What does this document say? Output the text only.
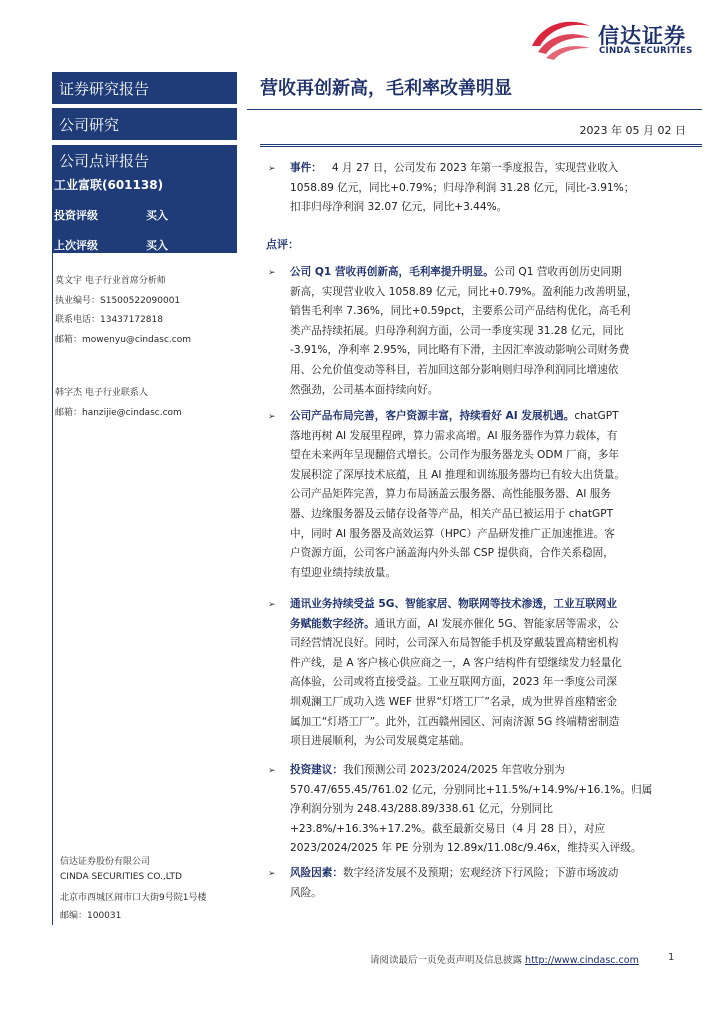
信达证券
CINDA SECURITIES
证券研究报告
公司研究
公司点评报告
工业富联(601138)
投资评级	买入
上次评级	买入
莫文宇 电子行业首席分析师
执业编号：S1500522090001
联系电话：13437172818
邮箱：mowenyu@cindasc.com
韩字杰 电子行业联系人
邮箱：hanzijie@cindasc.com
信达证券股份有限公司
CINDA SECURITIES CO.,LTD
北京市西城区闹市口大街9号院1号楼
邮编：100031
营收再创新高，毛利率改善明显
2023 年 05 月 02 日
➢ 事件： 4 月 27 日，公司发布 2023 年第一季度报告，实现营业收入
1058.89 亿元，同比+0.79%；归母净利润 31.28 亿元，同比-3.91%；
扣非归母净利润 32.07 亿元，同比+3.44%。
点评：
➢ 公司 Q1 营收再创新高，毛利率提升明显。公司 Q1 营收再创历史同期
新高，实现营业收入 1058.89 亿元，同比+0.79%。盈利能力改善明显，
销售毛利率 7.36%，同比+0.59pct，主要系公司产品结构优化，高毛利
类产品持续拓展。归母净利润方面，公司一季度实现 31.28 亿元，同比
-3.91%，净利率 2.95%，同比略有下滑，主因汇率波动影响公司财务费
用、公允价值变动等科目，若加回这部分影响则归母净利润同比增速依
然强劲，公司基本面持续向好。
➢ 公司产品布局完善，客户资源丰富，持续看好 AI 发展机遇。chatGPT
落地再树 AI 发展里程碑，算力需求高增。AI 服务器作为算力载体，有
望在未来两年呈现翻倍式增长。公司作为服务器龙头 ODM 厂商，多年
发展积淀了深厚技术底蕴，且 AI 推理和训练服务器均已有较大出货量。
公司产品矩阵完善，算力布局涵盖云服务器、高性能服务器、AI 服务
器、边缘服务器及云储存设备等产品，相关产品已被运用于 chatGPT
中，同时 AI 服务器及高效运算（HPC）产品研发推广正加速推进。客
户资源方面，公司客户涵盖海内外头部 CSP 提供商，合作关系稳固，
有望迎业绩持续放量。
➢ 通讯业务持续受益 5G、智能家居、物联网等技术渗透，工业互联网业
务赋能数字经济。通讯方面，AI 发展亦催化 5G、智能家居等需求，公
司经营情况良好。同时，公司深入布局智能手机及穿戴装置高精密机构
件产线，是 A 客户核心供应商之一，A 客户结构件有望继续发力轻量化
高体验，公司或将直接受益。工业互联网方面，2023 年一季度公司深
圳观澜工厂成功入选 WEF 世界“灯塔工厂”名录，成为世界首座精密金
属加工“灯塔工厂”。此外，江西赣州园区、河南济源 5G 终端精密制造
项目进展顺利，为公司发展奠定基础。
➢ 投资建议：我们预测公司 2023/2024/2025 年营收分别为
570.47/655.45/761.02 亿元，分别同比+11.5%/+14.9%/+16.1%。归属
净利润分别为 248.43/288.89/338.61 亿元，分别同比
+23.8%/+16.3%+17.2%。截至最新交易日（4 月 28 日），对应
2023/2024/2025 年 PE 分别为 12.89x/11.08c/9.46x，维持买入评级。
➢ 风险因素：数字经济发展不及预期；宏观经济下行风险；下游市场波动
风险。
请阅读最后一页免责声明及信息披露 http://www.cindasc.com	1
